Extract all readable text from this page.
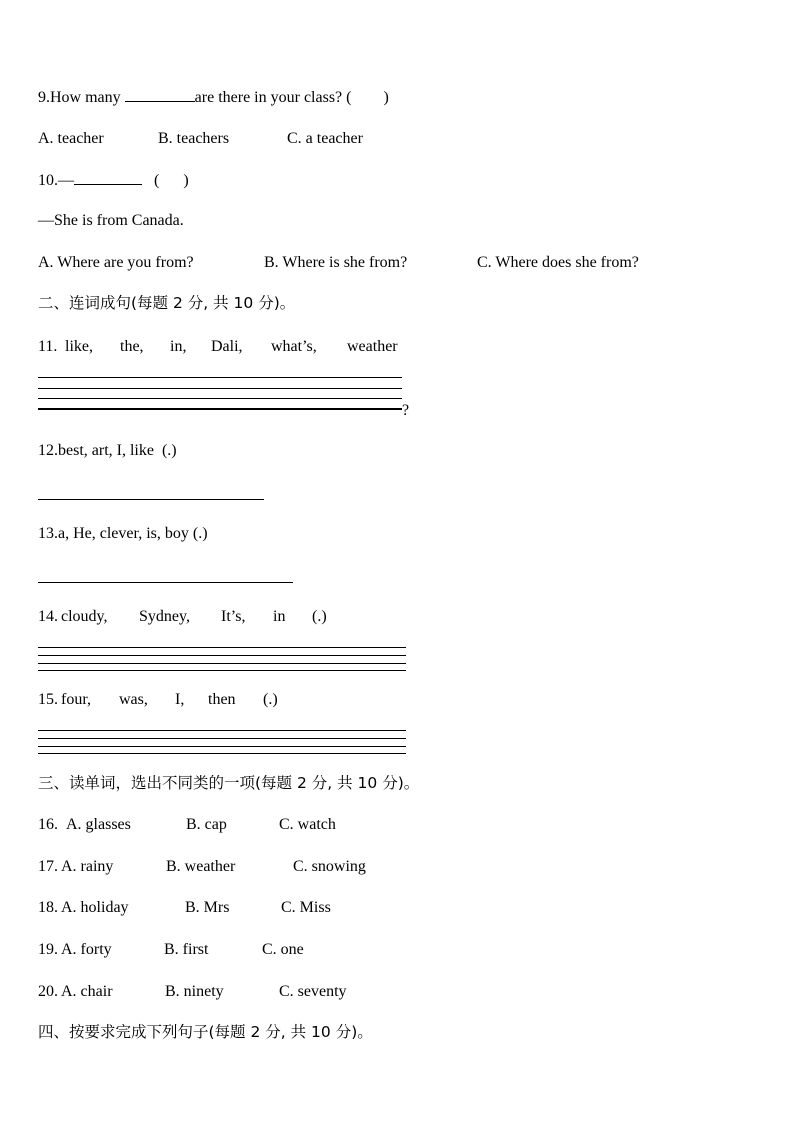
9.How many	are there in your class? (        )
A. teacher	B. teachers	C. a teacher
10.—	(      )
—She is from Canada.
A. Where are you from?	B. Where is she from?	C. Where does she from?
二、连词成句(每题 2 分, 共 10 分)。
11. like, the, in, Dali, what’s, weather
?
12.best, art, I, like  (.)
13.a, He, clever, is, boy (.)
14. cloudy, Sydney, It’s, in (.)
15. four, was, I, then (.)
三、读单词，选出不同类的一项(每题 2 分, 共 10 分)。
16. A. glasses	B. cap	C. watch
17. A. rainy	B. weather	C. snowing
18. A. holiday	B. Mrs	C. Miss
19. A. forty	B. first	C. one
20. A. chair	B. ninety	C. seventy
四、按要求完成下列句子(每题 2 分, 共 10 分)。
